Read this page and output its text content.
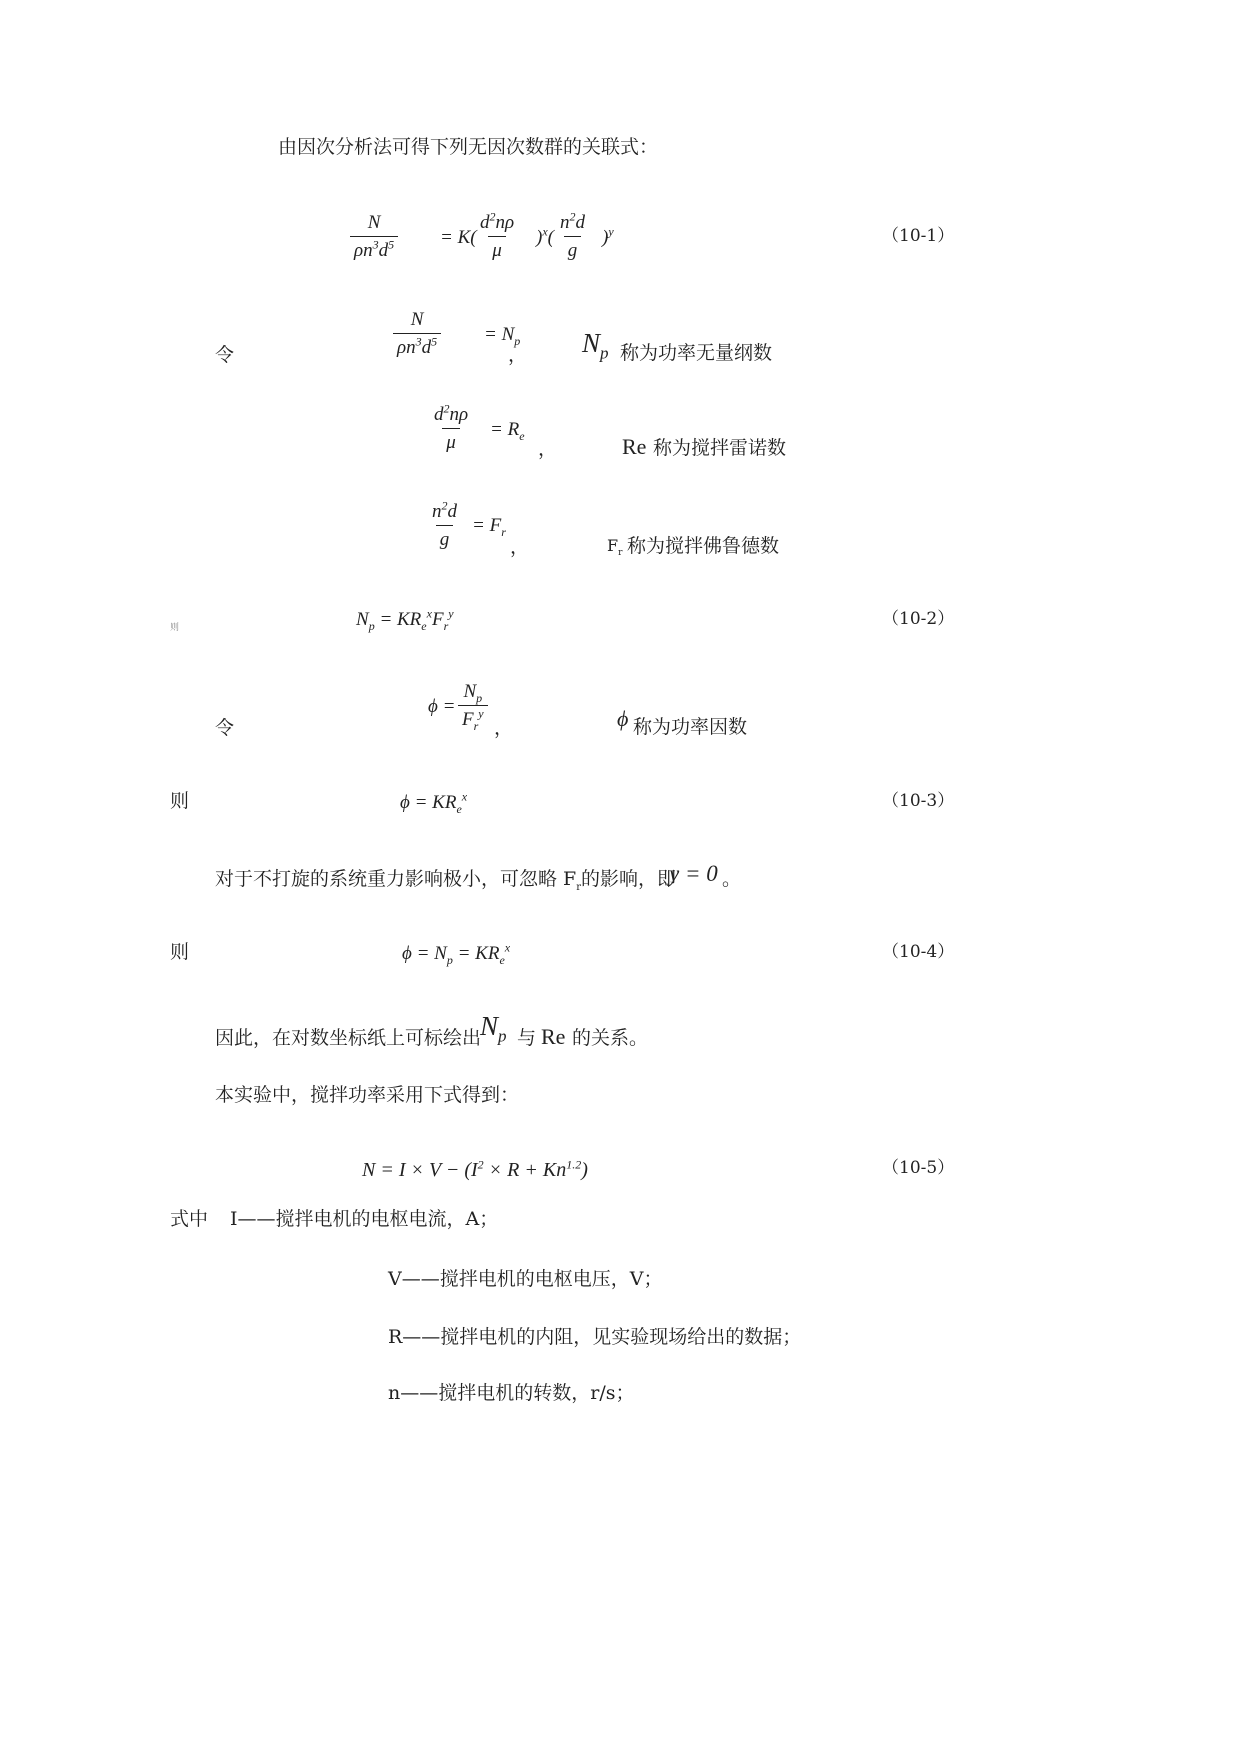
由因次分析法可得下列无因次数群的关联式：
$\frac{N}{\rho n^3d^5} = K( \frac{d^2n\rho}{\mu} )^x( \frac{n^2d}{g} )^y$	（10-1）
令	$\frac{N}{\rho n^3d^5} = N_p$
， $N_p$ 称为功率无量纲数
$\frac{d^2n\rho}{\mu} = R_e$
，	Re 称为搅拌雷诺数
$\frac{n^2d}{g} = F_r$
，	$F_r$ 称为搅拌佛鲁德数
则	$N_p = KR_e^xF_r^y$	（10-2）
令
ϕ =
$N_p$
$F_r^y$
，	ϕ 称为功率因数
则	$\phi = KR_e^x$	（10-3）
对于不打旋的系统重力影响极小，可忽略 $F_r$的影响，即
y = 0 。
则	$\phi = N_p = KR_e^x$	（10-4）
因此，在对数坐标纸上可标绘出
$N_p$ 与 Re 的关系。
本实验中，搅拌功率采用下式得到：
$N = I \times V - (I^2 \times R + Kn^{1.2})$	（10-5）
式中 I——搅拌电机的电枢电流，A；
V——搅拌电机的电枢电压，V；
R——搅拌电机的内阻，见实验现场给出的数据；
n——搅拌电机的转数，r/s；
